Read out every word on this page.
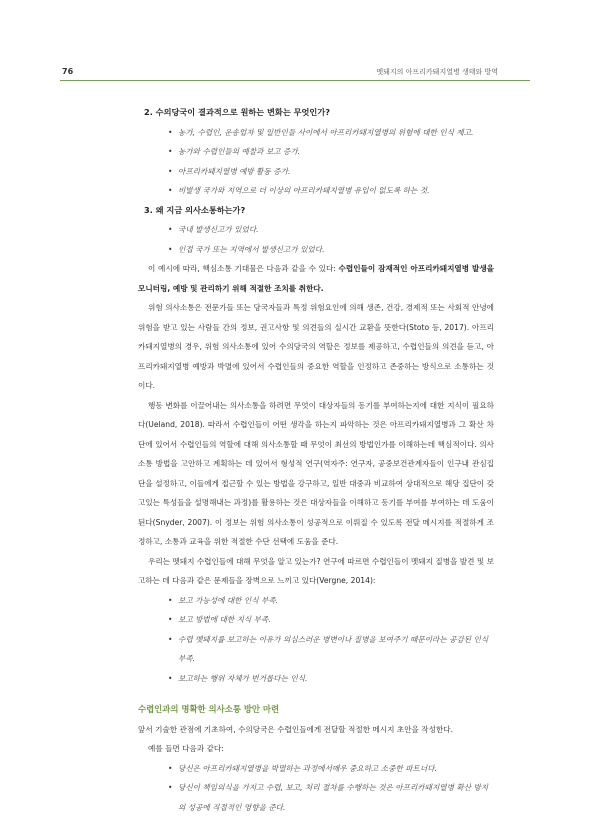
76	멧돼지의 아프리카돼지열병 생태와 방역
2. 수의당국이 결과적으로 원하는 변화는 무엇인가?
• 농가, 수렵인, 운송업자 및 일반인들 사이에서 아프리카돼지열병의 위험에 대한 인식 제고.
• 농가와 수렵인들의 예찰과 보고 증가.
• 아프리카돼지열병 예방 활동 증가.
• 비발생 국가와 지역으로 더 이상의 아프리카돼지열병 유입이 없도록 하는 것.
3. 왜 지금 의사소통하는가?
• 국내 발생신고가 있었다.
• 인접 국가 또는 지역에서 발생신고가 있었다.

이 예시에 따라, 핵심소통 기대물은 다음과 같을 수 있다: 수렵인들이 잠재적인 아프리카돼지열병 발생을 모니터링, 예방 및 관리하기 위해 적절한 조치를 취한다.

위험 의사소통은 전문가들 또는 당국자들과 특정 위험요인에 의해 생존, 건강, 경제적 또는 사회적 안녕에 위험을 받고 있는 사람들 간의 정보, 권고사항 및 의견들의 실시간 교환을 뜻한다(Stoto 등, 2017). 아프리카돼지열병의 경우, 위험 의사소통에 있어 수의당국의 역할은 정보를 제공하고, 수렵인들의 의견을 듣고, 아프리카돼지열병 예방과 박멸에 있어서 수렵인들의 중요한 역할을 인정하고 존중하는 방식으로 소통하는 것이다.

행동 변화를 이끌어내는 의사소통을 하려면 무엇이 대상자들의 동기를 부여하는지에 대한 지식이 필요하다(Ueland, 2018). 따라서 수렵인들이 어떤 생각을 하는지 파악하는 것은 아프리카돼지열병과 그 확산 차단에 있어서 수렵인들의 역할에 대해 의사소통할 때 무엇이 최선의 방법인가를 이해하는데 핵심적이다. 의사소통 방법을 고안하고 계획하는 데 있어서 형성적 연구(역자주: 연구자, 공중보건관계자들이 인구내 관심집단을 설정하고, 이들에게 접근할 수 있는 방법을 강구하고, 일반 대중과 비교하여 상대적으로 해당 집단이 갖고있는 특성들을 설명해내는 과정)를 활용하는 것은 대상자들을 이해하고 동기를 부여를 부여하는 데 도움이 된다(Snyder, 2007). 이 정보는 위험 의사소통이 성공적으로 이뤄질 수 있도록 전달 메시지를 적절하게 조정하고, 소통과 교육을 위한 적절한 수단 선택에 도움을 준다.

우리는 멧돼지 수렵인들에 대해 무엇을 알고 있는가? 연구에 따르면 수렵인들이 멧돼지 질병을 발견 및 보고하는 데 다음과 같은 문제들을 장벽으로 느끼고 있다(Vergne, 2014):

• 보고 가능성에 대한 인식 부족.
• 보고 방법에 대한 지식 부족.
• 수렵 멧돼지를 보고하는 이유가 의심스러운 병변이나 질병을 보여주기 때문이라는 공감된 인식 부족.
• 보고하는 행위 자체가 번거롭다는 인식.
수렵인과의 명확한 의사소통 방안 마련

앞서 기술한 관점에 기초하여, 수의당국은 수렵인들에게 전달할 적절한 메시지 초안을 작성한다.

예를 들면 다음과 같다:

• 당신은 아프리카돼지열병을 박멸하는 과정에서매우 중요하고 소중한 파트너다.
• 당신이 책임의식을 가지고 수렵, 보고, 처리 절차를 수행하는 것은 아프리카돼지열병 확산 방지의 성공에 직접적인 영향을 준다.
